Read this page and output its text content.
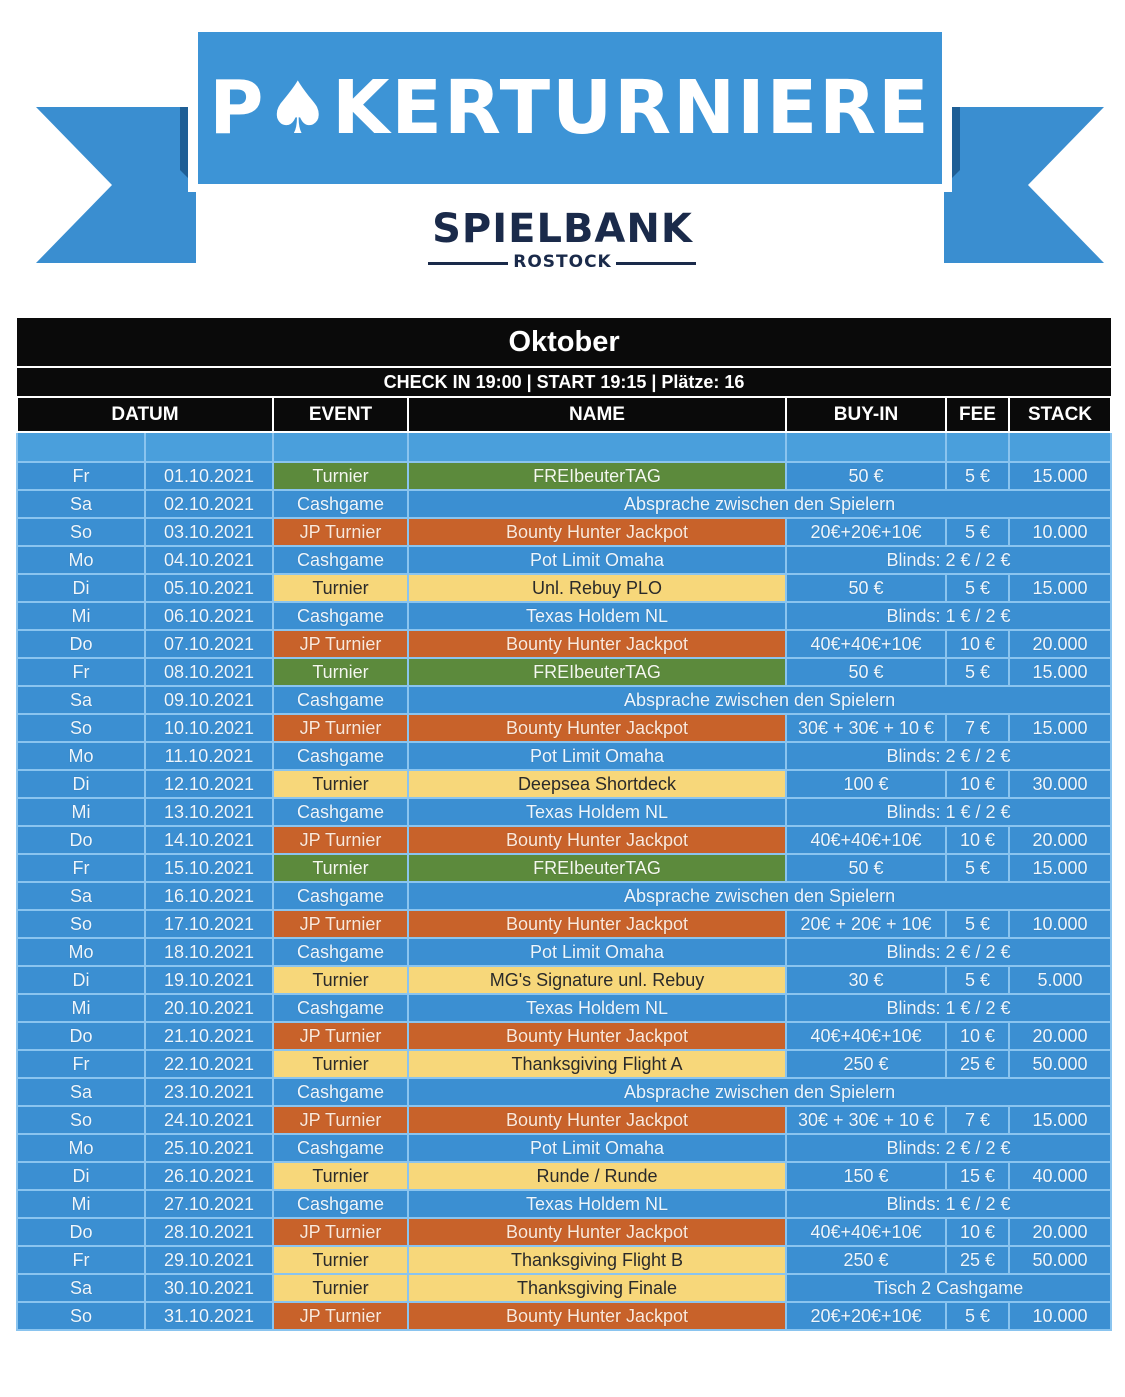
P♠KERTURNIERE
SPIELBANK
ROSTOCK
Oktober						
CHECK IN 19:00 | START 19:15 | Plätze: 16						
DATUM		EVENT	NAME	BUY-IN	FEE	STACK

Fr	01.10.2021	Turnier	FREIbeuterTAG	50 €	5 €	15.000
Sa	02.10.2021	Cashgame	Absprache zwischen den Spielern			
So	03.10.2021	JP Turnier	Bounty Hunter Jackpot	20€+20€+10€	5 €	10.000
Mo	04.10.2021	Cashgame	Pot Limit Omaha	Blinds: 2 € / 2 €		
Di	05.10.2021	Turnier	Unl. Rebuy PLO	50 €	5 €	15.000
Mi	06.10.2021	Cashgame	Texas Holdem NL	Blinds: 1 € / 2 €		
Do	07.10.2021	JP Turnier	Bounty Hunter Jackpot	40€+40€+10€	10 €	20.000
Fr	08.10.2021	Turnier	FREIbeuterTAG	50 €	5 €	15.000
Sa	09.10.2021	Cashgame	Absprache zwischen den Spielern			
So	10.10.2021	JP Turnier	Bounty Hunter Jackpot	30€ + 30€ + 10 €	7 €	15.000
Mo	11.10.2021	Cashgame	Pot Limit Omaha	Blinds: 2 € / 2 €		
Di	12.10.2021	Turnier	Deepsea Shortdeck	100 €	10 €	30.000
Mi	13.10.2021	Cashgame	Texas Holdem NL	Blinds: 1 € / 2 €		
Do	14.10.2021	JP Turnier	Bounty Hunter Jackpot	40€+40€+10€	10 €	20.000
Fr	15.10.2021	Turnier	FREIbeuterTAG	50 €	5 €	15.000
Sa	16.10.2021	Cashgame	Absprache zwischen den Spielern			
So	17.10.2021	JP Turnier	Bounty Hunter Jackpot	20€ + 20€ + 10€	5 €	10.000
Mo	18.10.2021	Cashgame	Pot Limit Omaha	Blinds: 2 € / 2 €		
Di	19.10.2021	Turnier	MG's Signature unl. Rebuy	30 €	5 €	5.000
Mi	20.10.2021	Cashgame	Texas Holdem NL	Blinds: 1 € / 2 €		
Do	21.10.2021	JP Turnier	Bounty Hunter Jackpot	40€+40€+10€	10 €	20.000
Fr	22.10.2021	Turnier	Thanksgiving Flight A	250 €	25 €	50.000
Sa	23.10.2021	Cashgame	Absprache zwischen den Spielern			
So	24.10.2021	JP Turnier	Bounty Hunter Jackpot	30€ + 30€ + 10 €	7 €	15.000
Mo	25.10.2021	Cashgame	Pot Limit Omaha	Blinds: 2 € / 2 €		
Di	26.10.2021	Turnier	Runde / Runde	150 €	15 €	40.000
Mi	27.10.2021	Cashgame	Texas Holdem NL	Blinds: 1 € / 2 €		
Do	28.10.2021	JP Turnier	Bounty Hunter Jackpot	40€+40€+10€	10 €	20.000
Fr	29.10.2021	Turnier	Thanksgiving Flight B	250 €	25 €	50.000
Sa	30.10.2021	Turnier	Thanksgiving Finale	Tisch 2 Cashgame		
So	31.10.2021	JP Turnier	Bounty Hunter Jackpot	20€+20€+10€	5 €	10.000
